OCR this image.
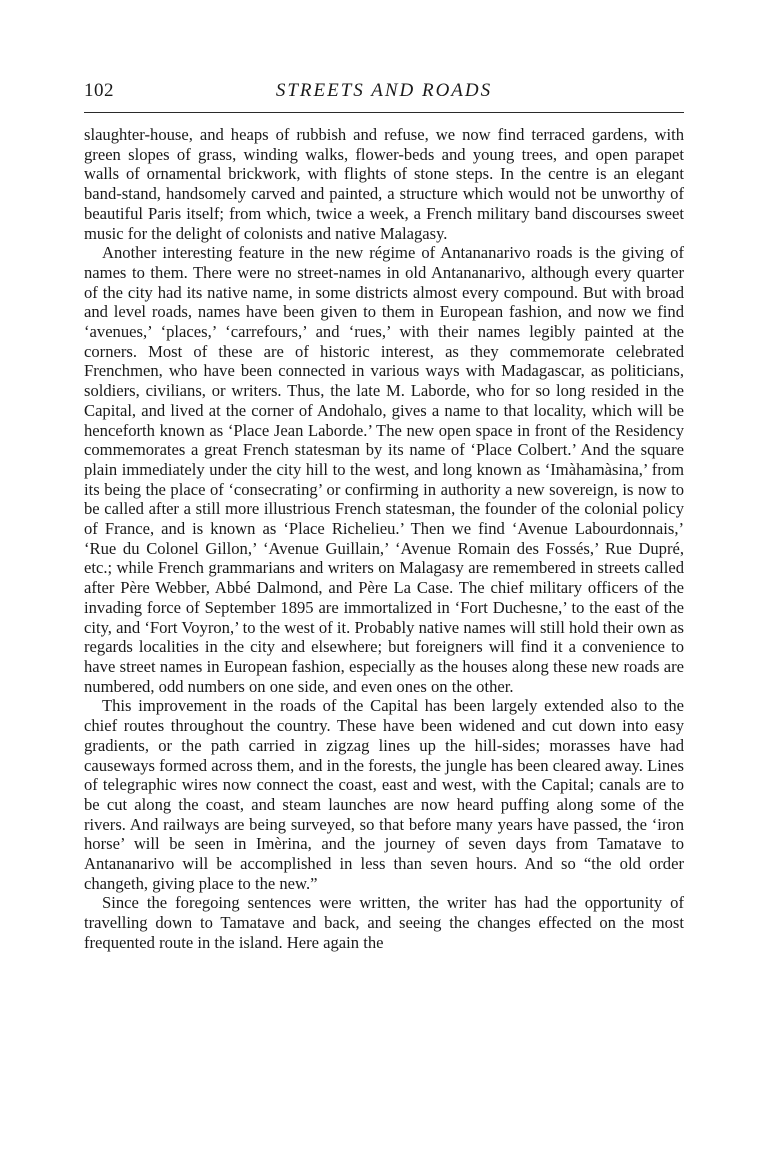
102	STREETS AND ROADS

slaughter-house, and heaps of rubbish and refuse, we now find terraced gardens, with green slopes of grass, winding walks, flower-beds and young trees, and open parapet walls of ornamental brickwork, with flights of stone steps. In the centre is an elegant band-stand, handsomely carved and painted, a structure which would not be unworthy of beautiful Paris itself; from which, twice a week, a French military band discourses sweet music for the delight of colonists and native Malagasy.

Another interesting feature in the new régime of Antananarivo roads is the giving of names to them. There were no street-names in old Antananarivo, although every quarter of the city had its native name, in some districts almost every compound. But with broad and level roads, names have been given to them in European fashion, and now we find ‘avenues,’ ‘places,’ ‘carrefours,’ and ‘rues,’ with their names legibly painted at the corners. Most of these are of historic interest, as they commemorate celebrated Frenchmen, who have been connected in various ways with Madagascar, as politicians, soldiers, civilians, or writers. Thus, the late M. Laborde, who for so long resided in the Capital, and lived at the corner of Andohalo, gives a name to that locality, which will be henceforth known as ‘Place Jean Laborde.’ The new open space in front of the Residency commemorates a great French statesman by its name of ‘Place Colbert.’ And the square plain immediately under the city hill to the west, and long known as ‘Imàhamàsina,’ from its being the place of ‘consecrating’ or confirming in authority a new sovereign, is now to be called after a still more illustrious French statesman, the founder of the colonial policy of France, and is known as ‘Place Richelieu.’ Then we find ‘Avenue Labourdonnais,’ ‘Rue du Colonel Gillon,’ ‘Avenue Guillain,’ ‘Avenue Romain des Fossés,’ Rue Dupré, etc.; while French grammarians and writers on Malagasy are remembered in streets called after Père Webber, Abbé Dalmond, and Père La Case. The chief military officers of the invading force of September 1895 are immortalized in ‘Fort Duchesne,’ to the east of the city, and ‘Fort Voyron,’ to the west of it. Probably native names will still hold their own as regards localities in the city and elsewhere; but foreigners will find it a convenience to have street names in European fashion, especially as the houses along these new roads are numbered, odd numbers on one side, and even ones on the other.

This improvement in the roads of the Capital has been largely extended also to the chief routes throughout the country. These have been widened and cut down into easy gradients, or the path carried in zigzag lines up the hill-sides; morasses have had causeways formed across them, and in the forests, the jungle has been cleared away. Lines of telegraphic wires now connect the coast, east and west, with the Capital; canals are to be cut along the coast, and steam launches are now heard puffing along some of the rivers. And railways are being surveyed, so that before many years have passed, the ‘iron horse’ will be seen in Imèrina, and the journey of seven days from Tamatave to Antananarivo will be accomplished in less than seven hours. And so “the old order changeth, giving place to the new.”

Since the foregoing sentences were written, the writer has had the opportunity of travelling down to Tamatave and back, and seeing the changes effected on the most frequented route in the island. Here again the
